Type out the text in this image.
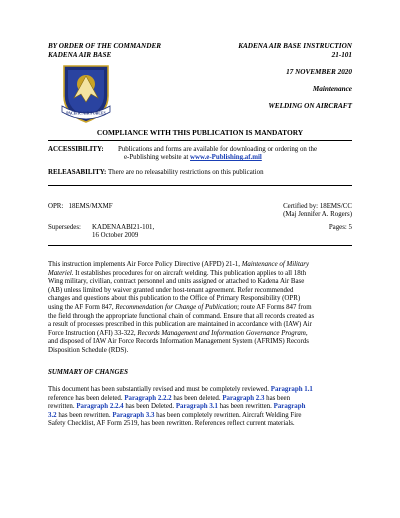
BY ORDER OF THE COMMANDER
KADENA AIR BASE
PACIFIC AIR FORCES
KADENA AIR BASE INSTRUCTION
21-101
17 NOVEMBER 2020
Maintenance
WELDING ON AIRCRAFT
COMPLIANCE WITH THIS PUBLICATION IS MANDATORY
ACCESSIBILITY: Publications and forms are available for downloading or ordering on the
e-Publishing website at www.e-Publishing.af.mil
RELEASABILITY: There are no releasability restrictions on this publication
OPR: 18EMS/MXMF	Certified by: 18EMS/CC
(Maj Jennifer A. Rogers)
Supersedes: KADENAABI21-101,
16 October 2009
Pages: 5
This instruction implements Air Force Policy Directive (AFPD) 21-1, Maintenance of Military
Materiel. It establishes procedures for on aircraft welding. This publication applies to all 18th
Wing military, civilian, contract personnel and units assigned or attached to Kadena Air Base
(AB) unless limited by waiver granted under host-tenant agreement. Refer recommended
changes and questions about this publication to the Office of Primary Responsibility (OPR)
using the AF Form 847, Recommendation for Change of Publication; route AF Forms 847 from
the field through the appropriate functional chain of command. Ensure that all records created as
a result of processes prescribed in this publication are maintained in accordance with (IAW) Air
Force Instruction (AFI) 33-322, Records Management and Information Governance Program,
and disposed of IAW Air Force Records Information Management System (AFRIMS) Records
Disposition Schedule (RDS).
SUMMARY OF CHANGES
This document has been substantially revised and must be completely reviewed. Paragraph 1.1
reference has been deleted. Paragraph 2.2.2 has been deleted. Paragraph 2.3 has been
rewritten. Paragraph 2.2.4 has been Deleted. Paragraph 3.1 has been rewritten. Paragraph
3.2 has been rewritten. Paragraph 3.3 has been completely rewritten. Aircraft Welding Fire
Safety Checklist, AF Form 2519, has been rewritten. References reflect current materials.
